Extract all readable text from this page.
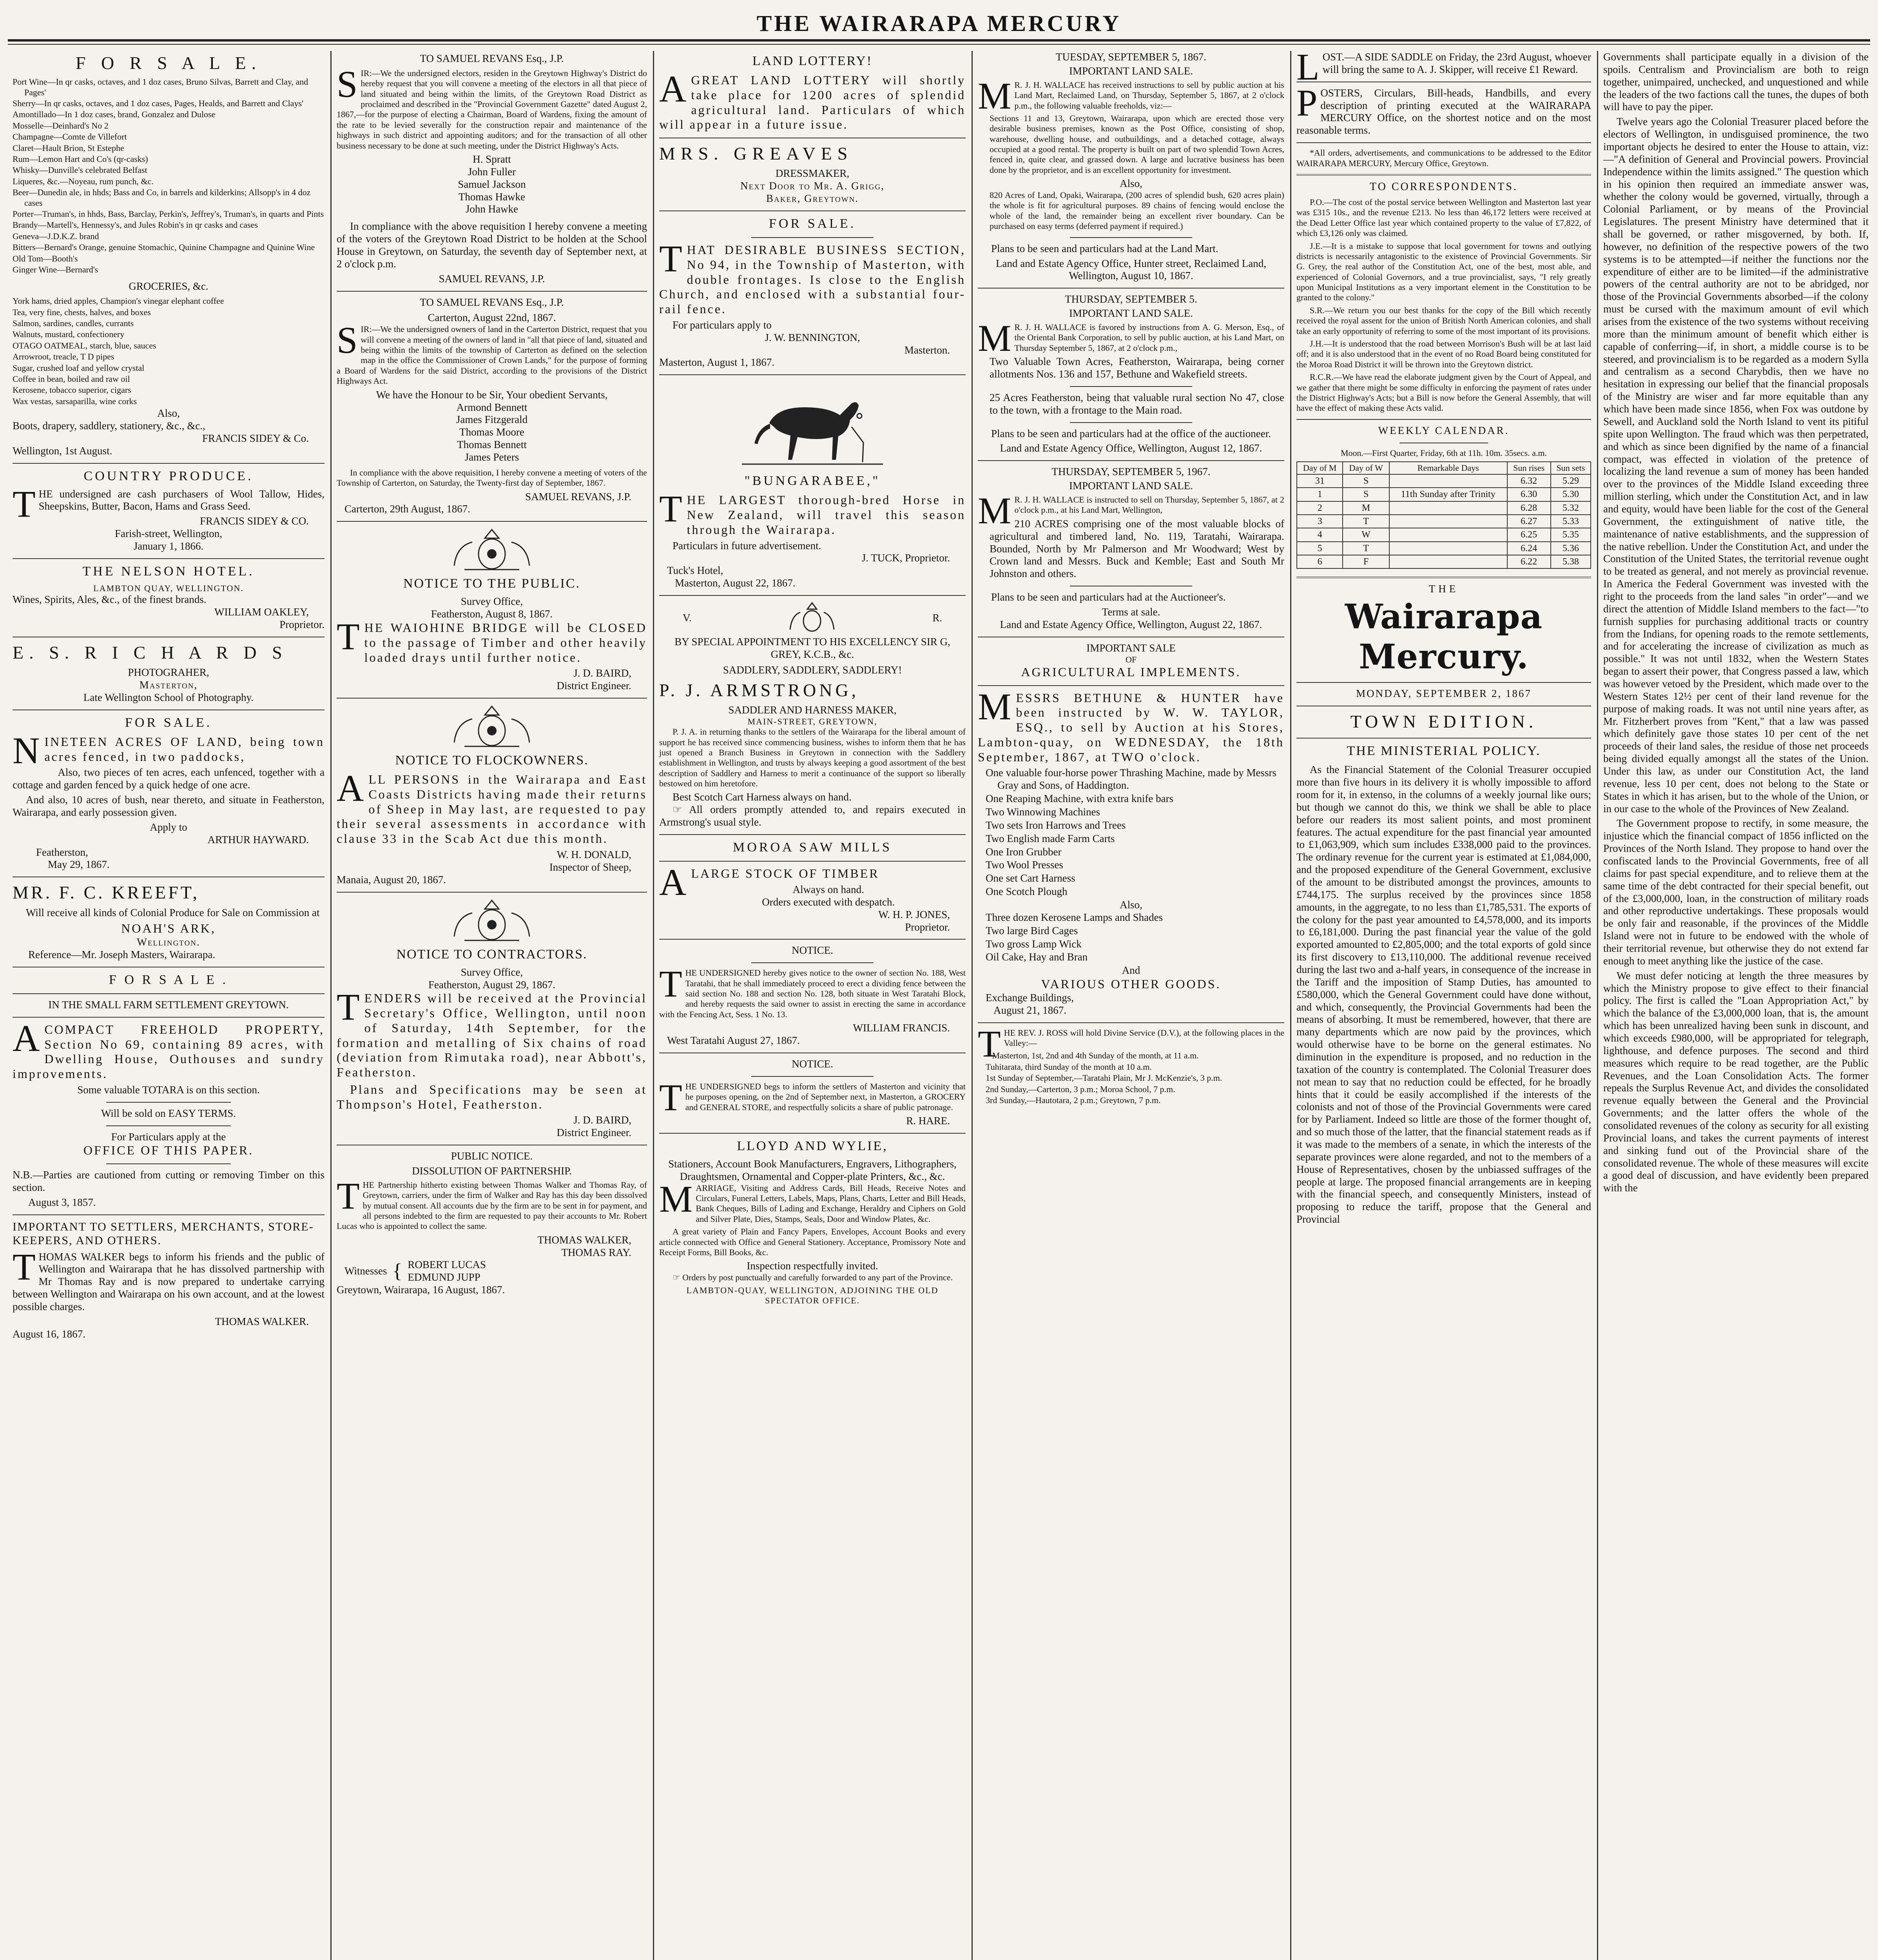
THE WAIRARAPA MERCURY
F O R S A L E.
Port Wine—In qr casks, octaves, and 1 doz cases, Bruno Silvas, Barrett and Clay, and Pages'
Sherry—In qr casks, octaves, and 1 doz cases, Pages, Healds, and Barrett and Clays'
Amontillado—In 1 doz cases, brand, Gonzalez and Dulose
Mosselle—Deinhard's No 2
Champagne—Comte de Villefort
Claret—Hault Brion, St Estephe
Rum—Lemon Hart and Co's (qr-casks)
Whisky—Dunville's celebrated Belfast
Liqueres, &c.—Noyeau, rum punch, &c.
Beer—Dunedin ale, in hhds; Bass and Co, in barrels and kilderkins; Allsopp's in 4 doz cases
Porter—Truman's, in hhds, Bass, Barclay, Perkin's, Jeffrey's, Truman's, in quarts and Pints
Brandy—Martell's, Hennessy's, and Jules Robin's in qr casks and cases
Geneva—J.D.K.Z. brand
Bitters—Bernard's Orange, genuine Stomachic, Quinine Champagne and Quinine Wine
Old Tom—Booth's
Ginger Wine—Bernard's
GROCERIES, &c.
York hams, dried apples, Champion's vinegar elephant coffee
Tea, very fine, chests, halves, and boxes
Salmon, sardines, candles, currants
Walnuts, mustard, confectionery
OTAGO OATMEAL, starch, blue, sauces
Arrowroot, treacle, T D pipes
Sugar, crushed loaf and yellow crystal
Coffee in bean, boiled and raw oil
Kerosene, tobacco superior, cigars
Wax vestas, sarsaparilla, wine corks
Also,
Boots, drapery, saddlery, stationery, &c., &c.,
FRANCIS SIDEY & Co.
Wellington, 1st August.
COUNTRY PRODUCE.

THE undersigned are cash purchasers of Wool Tallow, Hides, Sheepskins, Butter, Bacon, Hams and Grass Seed.

FRANCIS SIDEY & CO.
Farish-street, Wellington,
January 1, 1866.
THE NELSON HOTEL.
LAMBTON QUAY, WELLINGTON.
Wines, Spirits, Ales, &c., of the finest brands.
WILLIAM OAKLEY,
Proprietor.
E. S. R I C H A R D S
PHOTOGRAHER,
Masterton,
Late Wellington School of Photography.
FOR SALE.

NINETEEN ACRES OF LAND, being town acres fenced, in two paddocks,

Also, two pieces of ten acres, each unfenced, together with a cottage and garden fenced by a quick hedge of one acre.

And also, 10 acres of bush, near thereto, and situate in Featherston, Wairarapa, and early possession given.

Apply to
ARTHUR HAYWARD.
Featherston,
May 29, 1867.
MR. F. C. KREEFT,

Will receive all kinds of Colonial Produce for Sale on Commission at

NOAH'S ARK,
Wellington.
Reference—Mr. Joseph Masters, Wairarapa.
F O R S A L E .
IN THE SMALL FARM SETTLEMENT GREYTOWN.

ACOMPACT FREEHOLD PROPERTY, Section No 69, containing 89 acres, with Dwelling House, Outhouses and sundry improvements.

Some valuable TOTARA is on this section.
Will be sold on EASY TERMS.
For Particulars apply at the
OFFICE OF THIS PAPER.

N.B.—Parties are cautioned from cutting or removing Timber on this section.

August 3, 1857.
IMPORTANT TO SETTLERS, MERCHANTS, STORE-KEEPERS, AND OTHERS.

THOMAS WALKER begs to inform his friends and the public of Wellington and Wairarapa that he has dissolved partnership with Mr Thomas Ray and is now prepared to undertake carrying between Wellington and Wairarapa on his own account, and at the lowest possible charges.

THOMAS WALKER.
August 16, 1867.
TO SAMUEL REVANS Esq., J.P.

SIR:—We the undersigned electors, residen in the Greytown Highway's District do hereby request that you will convene a meeting of the electors in all that piece of land situated and being within the limits, of the Greytown Road District as proclaimed and described in the "Provincial Government Gazette" dated August 2, 1867,—for the purpose of electing a Chairman, Board of Wardens, fixing the amount of the rate to be levied severally for the construction repair and maintenance of the highways in such district and appointing auditors; and for the transaction of all other business necessary to be done at such meeting, under the District Highway's Acts.

H. Spratt
John Fuller
Samuel Jackson
Thomas Hawke
John Hawke

In compliance with the above requisition I hereby convene a meeting of the voters of the Greytown Road District to be holden at the School House in Greytown, on Saturday, the seventh day of September next, at 2 o'clock p.m.

SAMUEL REVANS, J.P.
TO SAMUEL REVANS Esq., J.P.
Carterton, August 22nd, 1867.

SIR:—We the undersigned owners of land in the Carterton District, request that you will convene a meeting of the owners of land in "all that piece of land, situated and being within the limits of the township of Carterton as defined on the selection map in the office the Commissioner of Crown Lands," for the purpose of forming a Board of Wardens for the said District, according to the provisions of the District Highways Act.

We have the Honour to be Sir, Your obedient Servants,
Armond Bennett
James Fitzgerald
Thomas Moore
Thomas Bennett
James Peters

In compliance with the above requisition, I hereby convene a meeting of voters of the Township of Carterton, on Saturday, the Twenty-first day of September, 1867.

SAMUEL REVANS, J.P.
Carterton, 29th August, 1867.
NOTICE TO THE PUBLIC.
Survey Office,
Featherston, August 8, 1867.

THE WAIOHINE BRIDGE will be CLOSED to the passage of Timber and other heavily loaded drays until further notice.

J. D. BAIRD,
District Engineer.
NOTICE TO FLOCKOWNERS.

ALL PERSONS in the Wairarapa and East Coasts Districts having made their returns of Sheep in May last, are requested to pay their several assessments in accordance with clause 33 in the Scab Act due this month.

W. H. DONALD,
Inspector of Sheep,
Manaia, August 20, 1867.
NOTICE TO CONTRACTORS.
Survey Office,
Featherston, August 29, 1867.

TENDERS will be received at the Provincial Secretary's Office, Wellington, until noon of Saturday, 14th September, for the formation and metalling of Six chains of road (deviation from Rimutaka road), near Abbott's, Featherston.

Plans and Specifications may be seen at Thompson's Hotel, Featherston.

J. D. BAIRD,
District Engineer.
PUBLIC NOTICE.
DISSOLUTION OF PARTNERSHIP.

THE Partnership hitherto existing between Thomas Walker and Thomas Ray, of Greytown, carriers, under the firm of Walker and Ray has this day been dissolved by mutual consent. All accounts due by the firm are to be sent in for payment, and all persons indebted to the firm are requested to pay their accounts to Mr. Robert Lucas who is appointed to collect the same.

THOMAS WALKER,
THOMAS RAY.
Witnesses { ROBERT LUCAS
EDMUND JUPP
Greytown, Wairarapa, 16 August, 1867.
LAND LOTTERY!

AGREAT LAND LOTTERY will shortly take place for 1200 acres of splendid agricultural land. Particulars of which will appear in a future issue.

MRS. GREAVES
DRESSMAKER,
Next Door to Mr. A. Grigg,
Baker, Greytown.
FOR SALE.

THAT DESIRABLE BUSINESS SECTION, No 94, in the Township of Masterton, with double frontages. Is close to the English Church, and enclosed with a substantial four-rail fence.

For particulars apply to
J. W. BENNINGTON,
Masterton.
Masterton, August 1, 1867.
"BUNGARABEE,"

THE LARGEST thorough-bred Horse in New Zealand, will travel this season through the Wairarapa.

Particulars in future advertisement.
J. TUCK, Proprietor.
Tuck's Hotel,
Masterton, August 22, 1867.
V.	R.
BY SPECIAL APPOINTMENT TO HIS EXCELLENCY SIR G, GREY, K.C.B., &c.
SADDLERY, SADDLERY, SADDLERY!
P. J. ARMSTRONG,
SADDLER AND HARNESS MAKER,
MAIN-STREET, GREYTOWN,

P. J. A. in returning thanks to the settlers of the Wairarapa for the liberal amount of support he has received since commencing business, wishes to inform them that he has just opened a Branch Business in Greytown in connection with the Saddlery establishment in Wellington, and trusts by always keeping a good assortment of the best description of Saddlery and Harness to merit a continuance of the support so liberally bestowed on him heretofore.

Best Scotch Cart Harness always on hand.

☞ All orders promptly attended to, and repairs executed in Armstrong's usual style.

MOROA SAW MILLS

ALARGE STOCK OF TIMBER

Always on hand.
Orders executed with despatch.
W. H. P. JONES,
Proprietor.
NOTICE.

THE UNDERSIGNED hereby gives notice to the owner of section No. 188, West Taratahi, that he shall immediately proceed to erect a dividing fence between the said section No. 188 and section No. 128, both situate in West Taratahi Block, and hereby requests the said owner to assist in erecting the same in accordance with the Fencing Act, Sess. 1 No. 13.

WILLIAM FRANCIS.
West Taratahi August 27, 1867.
NOTICE.

THE UNDERSIGNED begs to inform the settlers of Masterton and vicinity that he purposes opening, on the 2nd of September next, in Masterton, a GROCERY and GENERAL STORE, and respectfully solicits a share of public patronage.

R. HARE.
LLOYD AND WYLIE,
Stationers, Account Book Manufacturers, Engravers, Lithographers, Draughtsmen, Ornamental and Copper-plate Printers, &c., &c.

MARRIAGE, Visiting and Address Cards, Bill Heads, Receive Notes and Circulars, Funeral Letters, Labels, Maps, Plans, Charts, Letter and Bill Heads, Bank Cheques, Bills of Lading and Exchange, Heraldry and Ciphers on Gold and Silver Plate, Dies, Stamps, Seals, Door and Window Plates, &c.

A great variety of Plain and Fancy Papers, Envelopes, Account Books and every article connected with Office and General Stationery. Acceptance, Promissory Note and Receipt Forms, Bill Books, &c.

Inspection respectfully invited.

☞ Orders by post punctually and carefully forwarded to any part of the Province.

LAMBTON-QUAY, WELLINGTON, ADJOINING THE OLD SPECTATOR OFFICE.
TUESDAY, SEPTEMBER 5, 1867.
IMPORTANT LAND SALE.

MR. J. H. WALLACE has received instructions to sell by public auction at his Land Mart, Reclaimed Land, on Thursday, September 5, 1867, at 2 o'clock p.m., the following valuable freeholds, viz:—

Sections 11 and 13, Greytown, Wairarapa, upon which are erected those very desirable business premises, known as the Post Office, consisting of shop, warehouse, dwelling house, and outbuildings, and a detached cottage, always occupied at a good rental. The property is built on part of two splendid Town Acres, fenced in, quite clear, and grassed down. A large and lucrative business has been done by the proprietor, and is an excellent opportunity for investment.

Also,

820 Acres of Land, Opaki, Wairarapa, (200 acres of splendid bush, 620 acres plain) the whole is fit for agricultural purposes. 89 chains of fencing would enclose the whole of the land, the remainder being an excellent river boundary. Can be purchased on easy terms (deferred payment if required.)

Plans to be seen and particulars had at the Land Mart.

Land and Estate Agency Office, Hunter street, Reclaimed Land, Wellington, August 10, 1867.

THURSDAY, SEPTEMBER 5.
IMPORTANT LAND SALE.

MR. J. H. WALLACE is favored by instructions from A. G. Merson, Esq., of the Oriental Bank Corporation, to sell by public auction, at his Land Mart, on Thursday September 5, 1867, at 2 o'clock p.m.,

Two Valuable Town Acres, Featherston, Wairarapa, being corner allotments Nos. 136 and 157, Bethune and Wakefield streets.

25 Acres Featherston, being that valuable rural section No 47, close to the town, with a frontage to the Main road.

Plans to be seen and particulars had at the office of the auctioneer.

Land and Estate Agency Office, Wellington, August 12, 1867.

THURSDAY, SEPTEMBER 5, 1967.
IMPORTANT LAND SALE.

MR. J. H. WALLACE is instructed to sell on Thursday, September 5, 1867, at 2 o'clock p.m., at his Land Mart, Wellington,

210 ACRES comprising one of the most valuable blocks of agricultural and timbered land, No. 119, Taratahi, Wairarapa. Bounded, North by Mr Palmerson and Mr Woodward; West by Crown land and Messrs. Buck and Kemble; East and South Mr Johnston and others.

Plans to be seen and particulars had at the Auctioneer's.

Terms at sale.

Land and Estate Agency Office, Wellington, August 22, 1867.

IMPORTANT SALE
OF
AGRICULTURAL IMPLEMENTS.

MESSRS BETHUNE & HUNTER have been instructed by W. W. TAYLOR, ESQ., to sell by Auction at his Stores, Lambton-quay, on WEDNESDAY, the 18th September, 1867, at TWO o'clock.

One valuable four-horse power Thrashing Machine, made by Messrs Gray and Sons, of Haddington.
One Reaping Machine, with extra knife bars
Two Winnowing Machines
Two sets Iron Harrows and Trees
Two English made Farm Carts
One Iron Grubber
Two Wool Presses
One set Cart Harness
One Scotch Plough
Also,
Three dozen Kerosene Lamps and Shades
Two large Bird Cages
Two gross Lamp Wick
Oil Cake, Hay and Bran
And
VARIOUS OTHER GOODS.
Exchange Buildings,
August 21, 1867.

THE REV. J. ROSS will hold Divine Service (D.V.), at the following places in the Valley:—

Masterton, 1st, 2nd and 4th Sunday of the month, at 11 a.m.
Tuhitarata, third Sunday of the month at 10 a.m.
1st Sunday of September,—Taratahi Plain, Mr J. McKenzie's, 3 p.m.
2nd Sunday,—Carterton, 3 p.m.; Moroa School, 7 p.m.
3rd Sunday,—Hautotara, 2 p.m.; Greytown, 7 p.m.

LOST.—A SIDE SADDLE on Friday, the 23rd August, whoever will bring the same to A. J. Skipper, will receive £1 Reward.

POSTERS, Circulars, Bill-heads, Handbills, and every description of printing executed at the WAIRARAPA MERCURY Office, on the shortest notice and on the most reasonable terms.

*All orders, advertisements, and communications to be addressed to the Editor WAIRARAPA MERCURY, Mercury Office, Greytown.

TO CORRESPONDENTS.

P.O.—The cost of the postal service between Wellington and Masterton last year was £315 10s., and the revenue £213. No less than 46,172 letters were received at the Dead Letter Office last year which contained property to the value of £7,822, of which £3,126 only was claimed.

J.E.—It is a mistake to suppose that local government for towns and outlying districts is necessarily antagonistic to the existence of Provincial Governments. Sir G. Grey, the real author of the Constitution Act, one of the best, most able, and experienced of Colonial Governors, and a true provincialist, says, "I rely greatly upon Municipal Institutions as a very important element in the Constitution to be granted to the colony."

S.R.—We return you our best thanks for the copy of the Bill which recently received the royal assent for the union of British North American colonies, and shall take an early opportunity of referring to some of the most important of its provisions.

J.H.—It is understood that the road between Morrison's Bush will be at last laid off; and it is also understood that in the event of no Road Board being constituted for the Moroa Road District it will be thrown into the Greytown district.

R.C.R.—We have read the elaborate judgment given by the Court of Appeal, and we gather that there might be some difficulty in enforcing the payment of rates under the District Highway's Acts; but a Bill is now before the General Assembly, that will have the effect of making these Acts valid.

WEEKLY CALENDAR.
Moon.—First Quarter, Friday, 6th at 11h. 10m. 35secs. a.m.
Day of M	Day of W	Remarkable Days	Sun rises	Sun sets
31	S		6.32	5.29
1	S	11th Sunday after Trinity	6.30	5.30
2	M		6.28	5.32
3	T		6.27	5.33
4	W		6.25	5.35
5	T		6.24	5.36
6	F		6.22	5.38
THE
Wairarapa Mercury.
MONDAY, SEPTEMBER 2, 1867
TOWN EDITION.
THE MINISTERIAL POLICY.

As the Financial Statement of the Colonial Treasurer occupied more than five hours in its delivery it is wholly impossible to afford room for it, in extenso, in the columns of a weekly journal like ours; but though we cannot do this, we think we shall be able to place before our readers its most salient points, and most prominent features. The actual expenditure for the past financial year amounted to £1,063,909, which sum includes £338,000 paid to the provinces. The ordinary revenue for the current year is estimated at £1,084,000, and the proposed expenditure of the General Government, exclusive of the amount to be distributed amongst the provinces, amounts to £744,175. The surplus received by the provinces since 1858 amounts, in the aggregate, to no less than £1,785,531. The exports of the colony for the past year amounted to £4,578,000, and its imports to £6,181,000. During the past financial year the value of the gold exported amounted to £2,805,000; and the total exports of gold since its first discovery to £13,110,000. The additional revenue received during the last two and a-half years, in consequence of the increase in the Tariff and the imposition of Stamp Duties, has amounted to £580,000, which the General Government could have done without, and which, consequently, the Provincial Governments had been the means of absorbing. It must be remembered, however, that there are many departments which are now paid by the provinces, which would otherwise have to be borne on the general estimates. No diminution in the expenditure is proposed, and no reduction in the taxation of the country is contemplated. The Colonial Treasurer does not mean to say that no reduction could be effected, for he broadly hints that it could be easily accomplished if the interests of the colonists and not of those of the Provincial Governments were cared for by Parliament. Indeed so little are those of the former thought of, and so much those of the latter, that the financial statement reads as if it was made to the members of a senate, in which the interests of the separate provinces were alone regarded, and not to the members of a House of Representatives, chosen by the unbiassed suffrages of the people at large. The proposed financial arrangements are in keeping with the financial speech, and consequently Ministers, instead of proposing to reduce the tariff, propose that the General and Provincial

Governments shall participate equally in a division of the spoils. Centralism and Provincialism are both to reign together, unimpaired, unchecked, and unquestioned and while the leaders of the two factions call the tunes, the dupes of both will have to pay the piper.

Twelve years ago the Colonial Treasurer placed before the electors of Wellington, in undisguised prominence, the two important objects he desired to enter the House to attain, viz:—"A definition of General and Provincial powers. Provincial Independence within the limits assigned." The question which in his opinion then required an immediate answer was, whether the colony would be governed, virtually, through a Colonial Parliament, or by means of the Provincial Legislatures. The present Ministry have determined that it shall be governed, or rather misgoverned, by both. If, however, no definition of the respective powers of the two systems is to be attempted—if neither the functions nor the expenditure of either are to be limited—if the administrative powers of the central authority are not to be abridged, nor those of the Provincial Governments absorbed—if the colony must be cursed with the maximum amount of evil which arises from the existence of the two systems without receiving more than the minimum amount of benefit which either is capable of conferring—if, in short, a middle course is to be steered, and provincialism is to be regarded as a modern Sylla and centralism as a second Charybdis, then we have no hesitation in expressing our belief that the financial proposals of the Ministry are wiser and far more equitable than any which have been made since 1856, when Fox was outdone by Sewell, and Auckland sold the North Island to vent its pitiful spite upon Wellington. The fraud which was then perpetrated, and which as since been dignified by the name of a financial compact, was effected in violation of the pretence of localizing the land revenue a sum of money has been handed over to the provinces of the Middle Island exceeding three million sterling, which under the Constitution Act, and in law and equity, would have been liable for the cost of the General Government, the extinguishment of native title, the maintenance of native establishments, and the suppression of the native rebellion. Under the Constitution Act, and under the Constitution of the United States, the territorial revenue ought to be treated as general, and not merely as provincial revenue. In America the Federal Government was invested with the right to the proceeds from the land sales "in order"—and we direct the attention of Middle Island members to the fact—"to furnish supplies for purchasing additional tracts or country from the Indians, for opening roads to the remote settlements, and for accelerating the increase of civilization as much as possible." It was not until 1832, when the Western States began to assert their power, that Congress passed a law, which was however vetoed by the President, which made over to the Western States 12½ per cent of their land revenue for the purpose of making roads. It was not until nine years after, as Mr. Fitzherbert proves from "Kent," that a law was passed which definitely gave those states 10 per cent of the net proceeds of their land sales, the residue of those net proceeds being divided equally amongst all the states of the Union. Under this law, as under our Constitution Act, the land revenue, less 10 per cent, does not belong to the State or States in which it has arisen, but to the whole of the Union, or in our case to the whole of the Provinces of New Zealand.

The Government propose to rectify, in some measure, the injustice which the financial compact of 1856 inflicted on the Provinces of the North Island. They propose to hand over the confiscated lands to the Provincial Governments, free of all claims for past special expenditure, and to relieve them at the same time of the debt contracted for their special benefit, out of the £3,000,000, loan, in the construction of military roads and other reproductive undertakings. These proposals would be only fair and reasonable, if the provinces of the Middle Island were not in future to be endowed with the whole of their territorial revenue, but otherwise they do not extend far enough to meet anything like the justice of the case.

We must defer noticing at length the three measures by which the Ministry propose to give effect to their financial policy. The first is called the "Loan Appropriation Act," by which the balance of the £3,000,000 loan, that is, the amount which has been unrealized having been sunk in discount, and which exceeds £980,000, will be appropriated for telegraph, lighthouse, and defence purposes. The second and third measures which require to be read together, are the Public Revenues, and the Loan Consolidation Acts. The former repeals the Surplus Revenue Act, and divides the consolidated revenue equally between the General and the Provincial Governments; and the latter offers the whole of the consolidated revenues of the colony as security for all existing Provincial loans, and takes the current payments of interest and sinking fund out of the Provincial share of the consolidated revenue. The whole of these measures will excite a good deal of discussion, and have evidently been prepared with the
